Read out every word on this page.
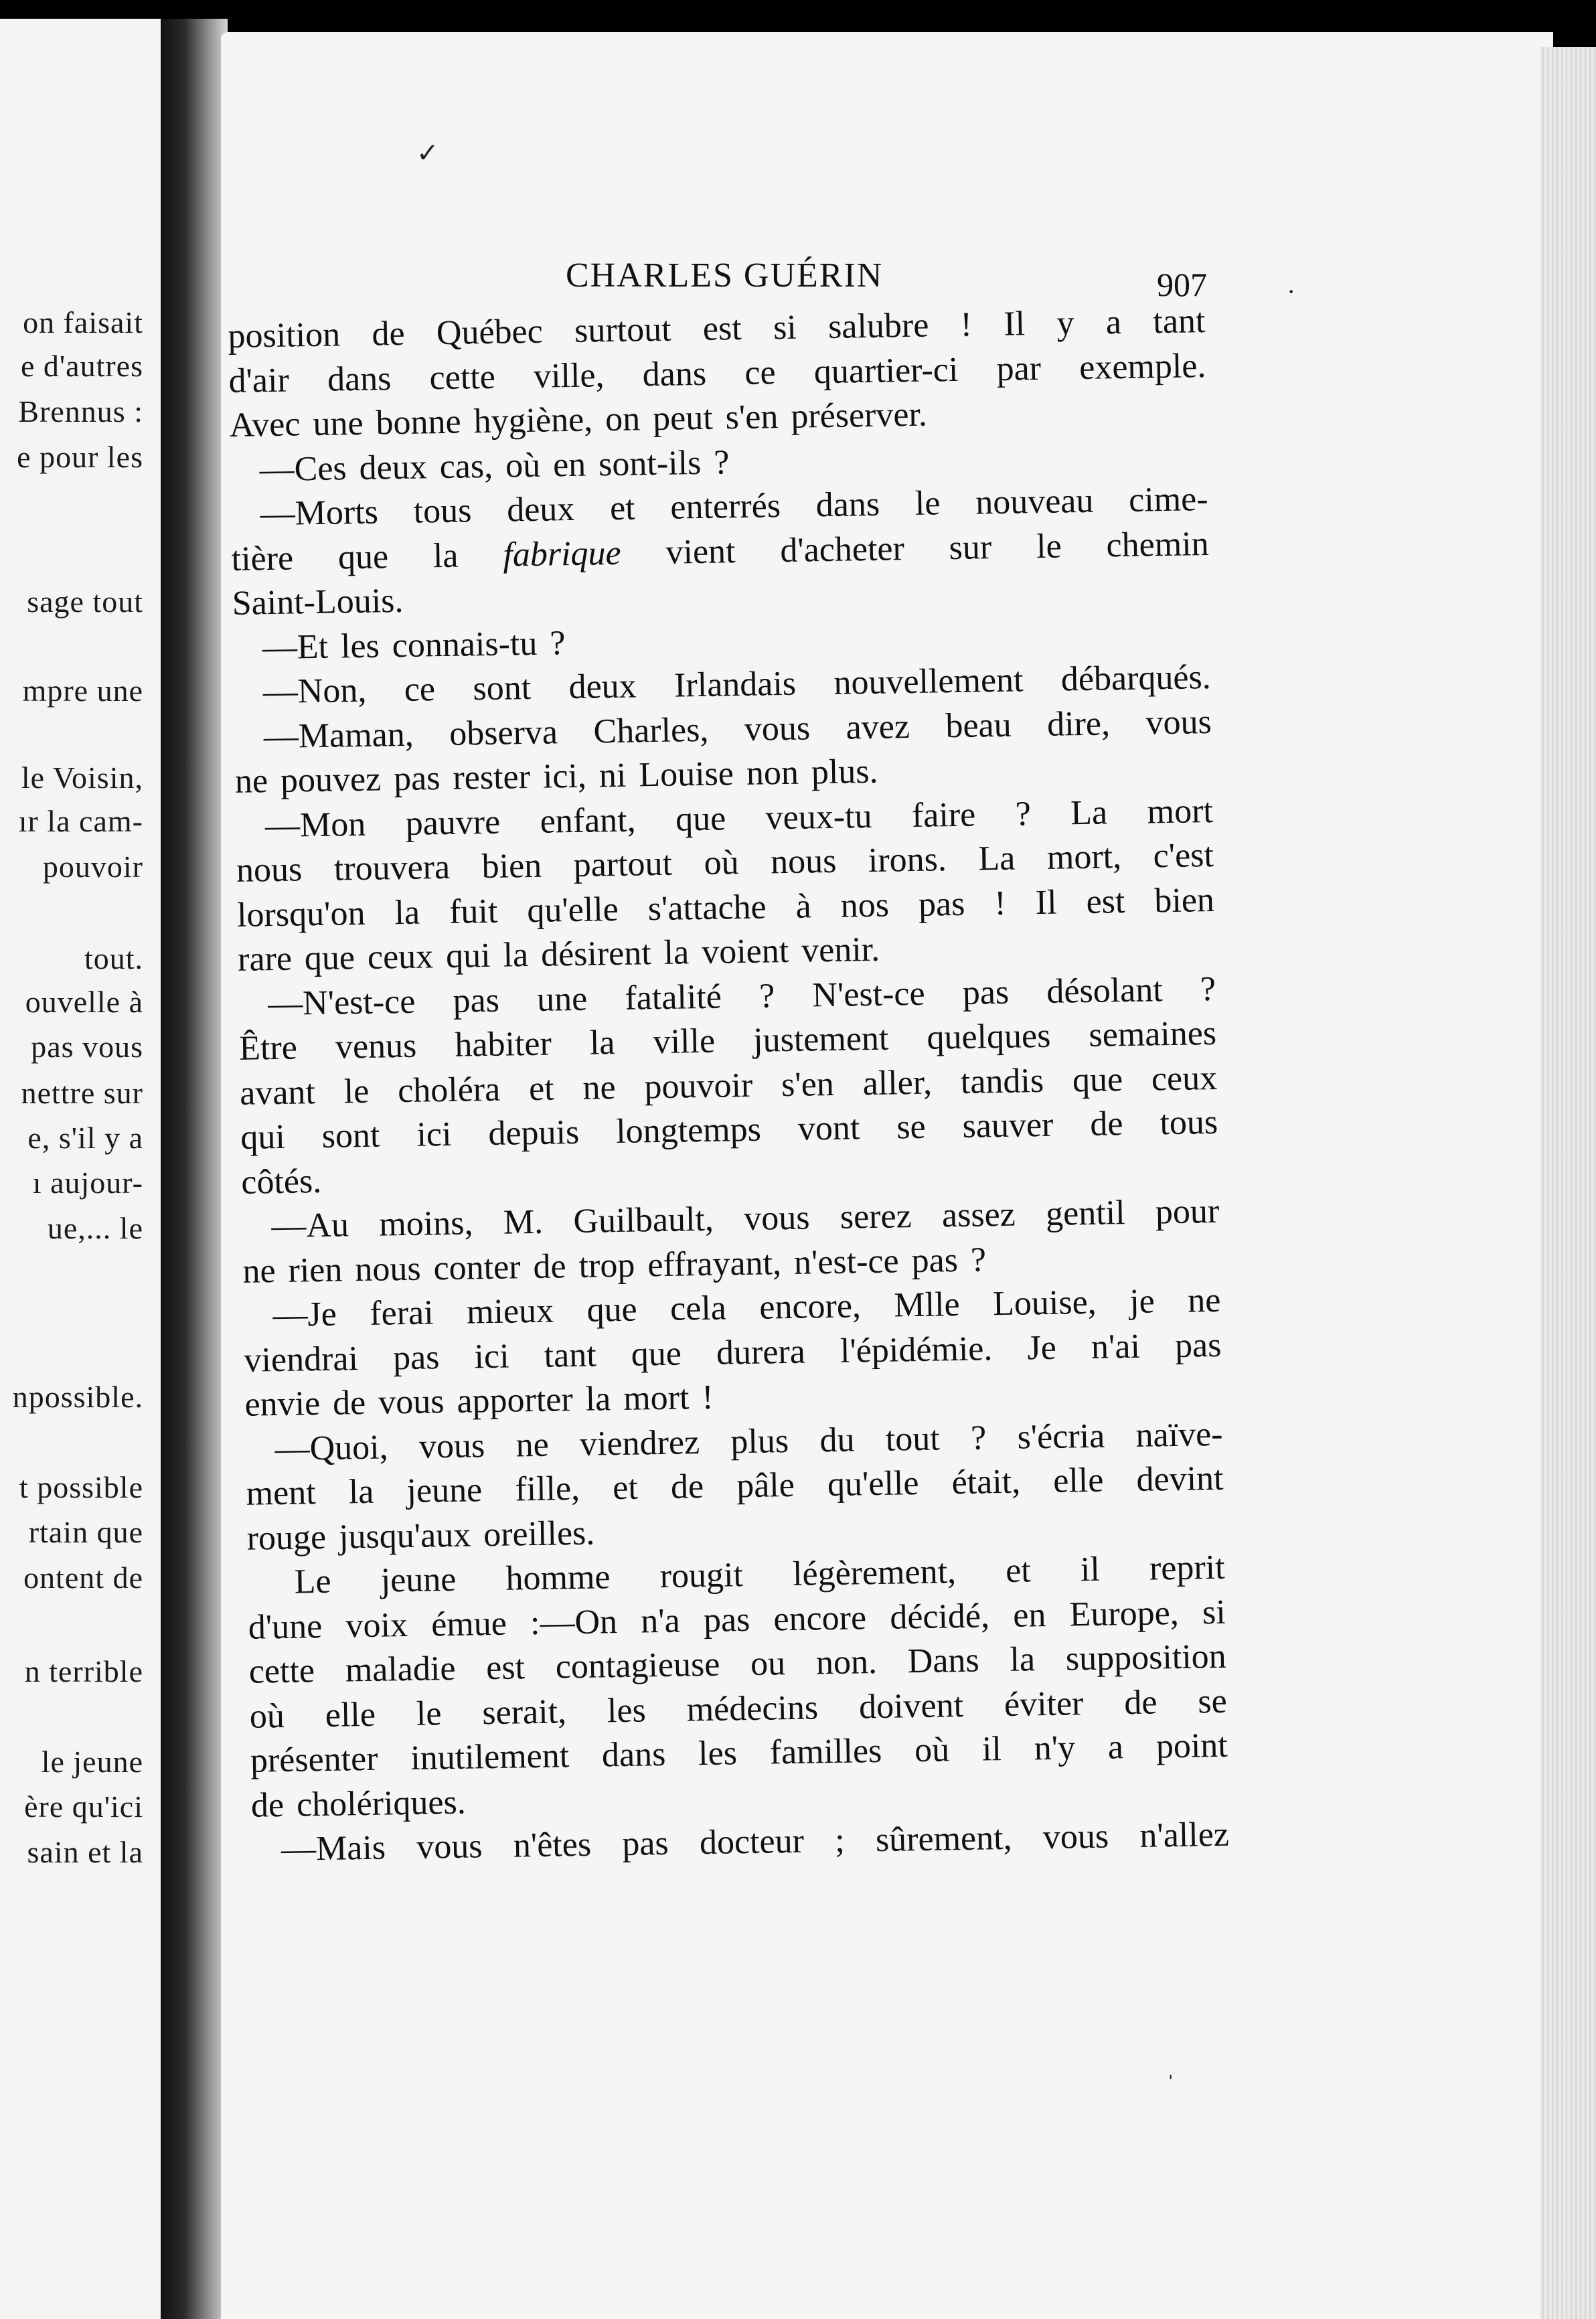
on faisait
e d'autres
Brennus :
e pour les
sage tout
mpre une
le Voisin,
ır la cam-
pouvoir
tout.
ouvelle à
pas vous
nettre sur
e, s'il y a
ı aujour-
ue,... le
npossible.
t possible
rtain que
ontent de
n terrible
le jeune
ère qu'ici
sain et la
CHARLES GUÉRIN	907
position de Québec surtout est si salubre ! Il y a tant
d'air dans cette ville, dans ce quartier-ci par exemple.
Avec une bonne hygiène, on peut s'en préserver.
—Ces deux cas, où en sont-ils ?
—Morts tous deux et enterrés dans le nouveau cime-
tière que la fabrique vient d'acheter sur le chemin
Saint-Louis.
—Et les connais-tu ?
—Non, ce sont deux Irlandais nouvellement débarqués.
—Maman, observa Charles, vous avez beau dire, vous
ne pouvez pas rester ici, ni Louise non plus.
—Mon pauvre enfant, que veux-tu faire ? La mort
nous trouvera bien partout où nous irons. La mort, c'est
lorsqu'on la fuit qu'elle s'attache à nos pas ! Il est bien
rare que ceux qui la désirent la voient venir.
—N'est-ce pas une fatalité ? N'est-ce pas désolant ?
Être venus habiter la ville justement quelques semaines
avant le choléra et ne pouvoir s'en aller, tandis que ceux
qui sont ici depuis longtemps vont se sauver de tous
côtés.
—Au moins, M. Guilbault, vous serez assez gentil pour
ne rien nous conter de trop effrayant, n'est-ce pas ?
—Je ferai mieux que cela encore, Mlle Louise, je ne
viendrai pas ici tant que durera l'épidémie. Je n'ai pas
envie de vous apporter la mort !
—Quoi, vous ne viendrez plus du tout ? s'écria naïve-
ment la jeune fille, et de pâle qu'elle était, elle devint
rouge jusqu'aux oreilles.
Le jeune homme rougit légèrement, et il reprit
d'une voix émue :—On n'a pas encore décidé, en Europe, si
cette maladie est contagieuse ou non. Dans la supposition
où elle le serait, les médecins doivent éviter de se
présenter inutilement dans les familles où il n'y a point
de cholériques.
—Mais vous n'êtes pas docteur ; sûrement, vous n'allez
✓
·
ˌ
